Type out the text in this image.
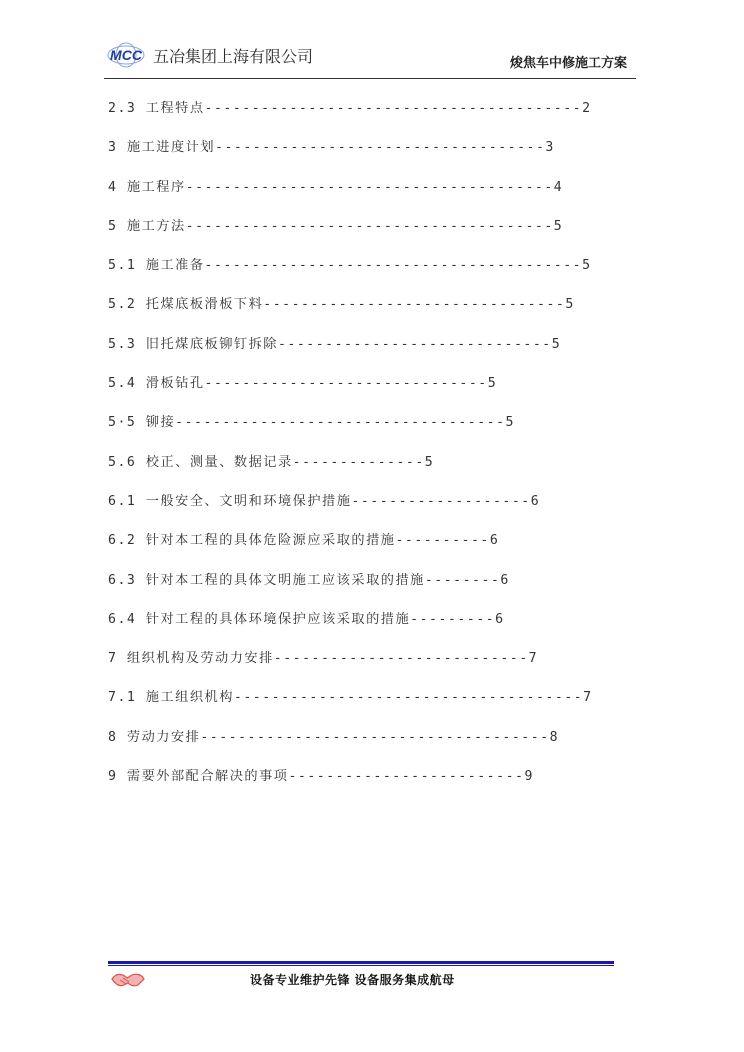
MCC 五冶集团上海有限公司	焌焦车中修施工方案
2.3 工程特点----------------------------------------2
3 施工进度计划-----------------------------------3
4 施工程序---------------------------------------4
5 施工方法---------------------------------------5
5.1 施工准备----------------------------------------5
5.2 托煤底板滑板下料--------------------------------5
5.3 旧托煤底板铆钉拆除-----------------------------5
5.4 滑板钻孔------------------------------5
5·5 铆接-----------------------------------5
5.6 校正、测量、数据记录--------------5
6.1 一般安全、文明和环境保护措施-------------------6
6.2 针对本工程的具体危险源应采取的措施----------6
6.3 针对本工程的具体文明施工应该采取的措施--------6
6.4 针对工程的具体环境保护应该采取的措施---------6
7 组织机构及劳动力安排---------------------------7
7.1 施工组织机构-------------------------------------7
8 劳动力安排-------------------------------------8
9 需要外部配合解决的事项-------------------------9
设备专业维护先锋 设备服务集成航母
